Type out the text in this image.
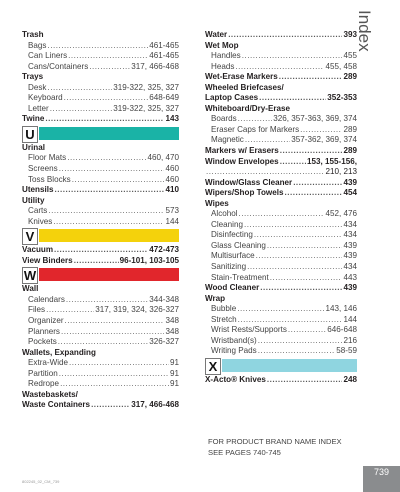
Index
Trash
Bags .....	461-465
Can Liners .....	461-465
Cans/Containers .....	317, 466-468
Trays
Desk .....	319-322, 325, 327
Keyboard .....	648-649
Letter .....	319-322, 325, 327
Twine .....	143
U
Urinal
Floor Mats .....	460, 470
Screens .....	460
Toss Blocks .....	460
Utensils .....	410
Utility
Carts .....	573
Knives .....	144
V
Vacuum .....	472-473
View Binders .....	96-101, 103-105
W
Wall
Calendars .....	344-348
Files .....	317, 319, 324, 326-327
Organizer .....	348
Planners .....	348
Pockets .....	326-327
Wallets, Expanding
Extra-Wide .....	91
Partition .....	91
Redrope .....	91
Wastebaskets/
Waste Containers .....	317, 466-468
Water .....	393
Wet Mop
Handles .....	455
Heads .....	455, 458
Wet-Erase Markers .....	289
Wheeled Briefcases/
Laptop Cases .....	352-353
Whiteboard/Dry-Erase
Boards .....	326, 357-363, 369, 374
Eraser Caps for Markers .....	289
Magnetic .....	357-362, 369, 374
Markers w/ Erasers .....	289
Window Envelopes .....	153, 155-156,
.....
210, 213
Window/Glass Cleaner .....	439
Wipers/Shop Towels .....	454
Wipes
Alcohol .....	452, 476
Cleaning .....	434
Disinfecting .....	434
Glass Cleaning .....	439
Multisurface .....	439
Sanitizing .....	434
Stain-Treatment .....	443
Wood Cleaner .....	439
Wrap
Bubble .....	143, 146
Stretch .....	144
Wrist Rests/Supports .....	646-648
Wristband(s) .....	216
Writing Pads .....	58-59
X
X-Acto® Knives .....	248
FOR PRODUCT BRAND NAME INDEX
SEE PAGES 740-745
802245_02_CM_739
739
